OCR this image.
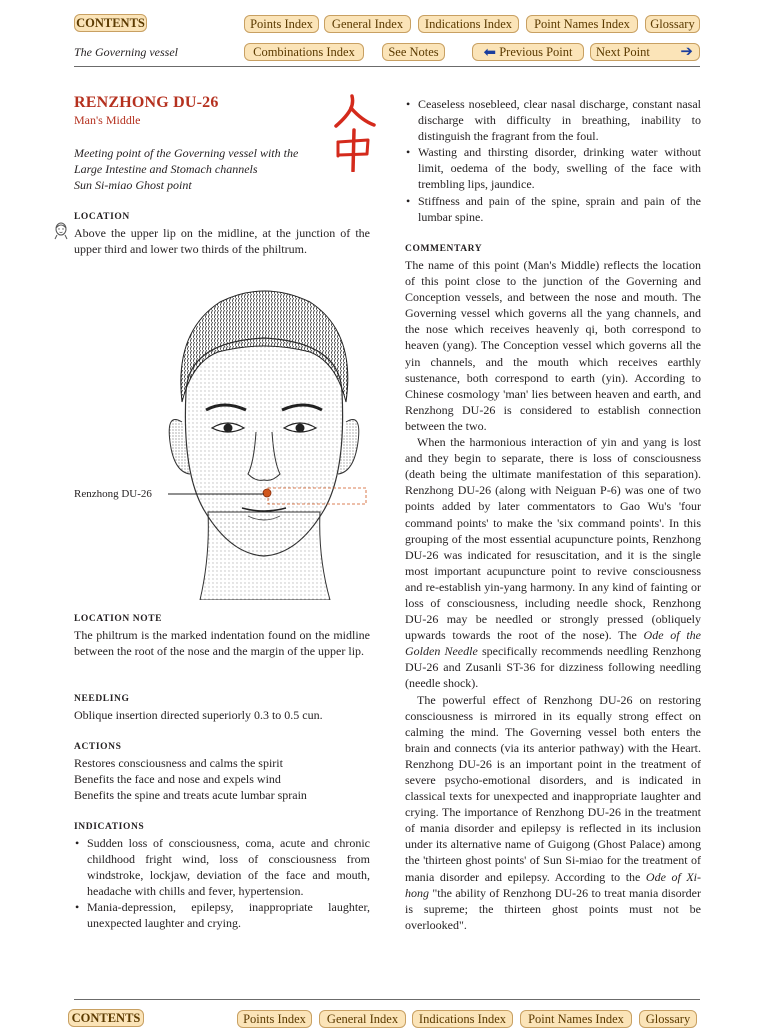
CONTENTS	Points Index	General Index	Indications Index	Point Names Index	Glossary
The Governing vessel	Combinations Index	See Notes	⬅ Previous Point	Next Point ➔
RENZHONG DU-26
Man's Middle
Meeting point of the Governing vessel with the
Large Intestine and Stomach channels
Sun Si-miao Ghost point
LOCATION
Above the upper lip on the midline, at the junction of the upper third and lower two thirds of the philtrum.
Renzhong DU-26
LOCATION NOTE
The philtrum is the marked indentation found on the midline between the root of the nose and the margin of the upper lip.
NEEDLING
Oblique insertion directed superiorly 0.3 to 0.5 cun.
ACTIONS
Restores consciousness and calms the spirit
Benefits the face and nose and expels wind
Benefits the spine and treats acute lumbar sprain
INDICATIONS
• Sudden loss of consciousness, coma, acute and chronic childhood fright wind, loss of consciousness from windstroke, lockjaw, deviation of the face and mouth, headache with chills and fever, hypertension.
• Mania-depression, epilepsy, inappropriate laughter, unexpected laughter and crying.
• Ceaseless nosebleed, clear nasal discharge, constant nasal discharge with difficulty in breathing, inability to distinguish the fragrant from the foul.
• Wasting and thirsting disorder, drinking water without limit, oedema of the body, swelling of the face with trembling lips, jaundice.
• Stiffness and pain of the spine, sprain and pain of the lumbar spine.
COMMENTARY

The name of this point (Man's Middle) reflects the location of this point close to the junction of the Governing and Conception vessels, and between the nose and mouth. The Governing vessel which governs all the yang channels, and the nose which receives heavenly qi, both correspond to heaven (yang). The Conception vessel which governs all the yin channels, and the mouth which receives earthly sustenance, both correspond to earth (yin). According to Chinese cosmology 'man' lies between heaven and earth, and Renzhong DU-26 is considered to establish connection between the two.

When the harmonious interaction of yin and yang is lost and they begin to separate, there is loss of consciousness (death being the ultimate manifestation of this separation). Renzhong DU-26 (along with Neiguan P-6) was one of two points added by later commentators to Gao Wu's 'four command points' to make the 'six command points'. In this grouping of the most essential acupuncture points, Renzhong DU-26 was indicated for resuscitation, and it is the single most important acupuncture point to revive consciousness and re-establish yin-yang harmony. In any kind of fainting or loss of consciousness, including needle shock, Renzhong DU-26 may be needled or strongly pressed (obliquely upwards towards the root of the nose). The Ode of the Golden Needle specifically recommends needling Renzhong DU-26 and Zusanli ST-36 for dizziness following needling (needle shock).

The powerful effect of Renzhong DU-26 on restoring consciousness is mirrored in its equally strong effect on calming the mind. The Governing vessel both enters the brain and connects (via its anterior pathway) with the Heart. Renzhong DU-26 is an important point in the treatment of severe psycho-emotional disorders, and is indicated in classical texts for unexpected and inappropriate laughter and crying. The importance of Renzhong DU-26 in the treatment of mania disorder and epilepsy is reflected in its inclusion under its alternative name of Guigong (Ghost Palace) among the 'thirteen ghost points' of Sun Si-miao for the treatment of mania disorder and epilepsy. According to the Ode of Xi-hong "the ability of Renzhong DU-26 to treat mania disorder is supreme; the thirteen ghost points must not be overlooked".

CONTENTS	Points Index	General Index	Indications Index	Point Names Index	Glossary
